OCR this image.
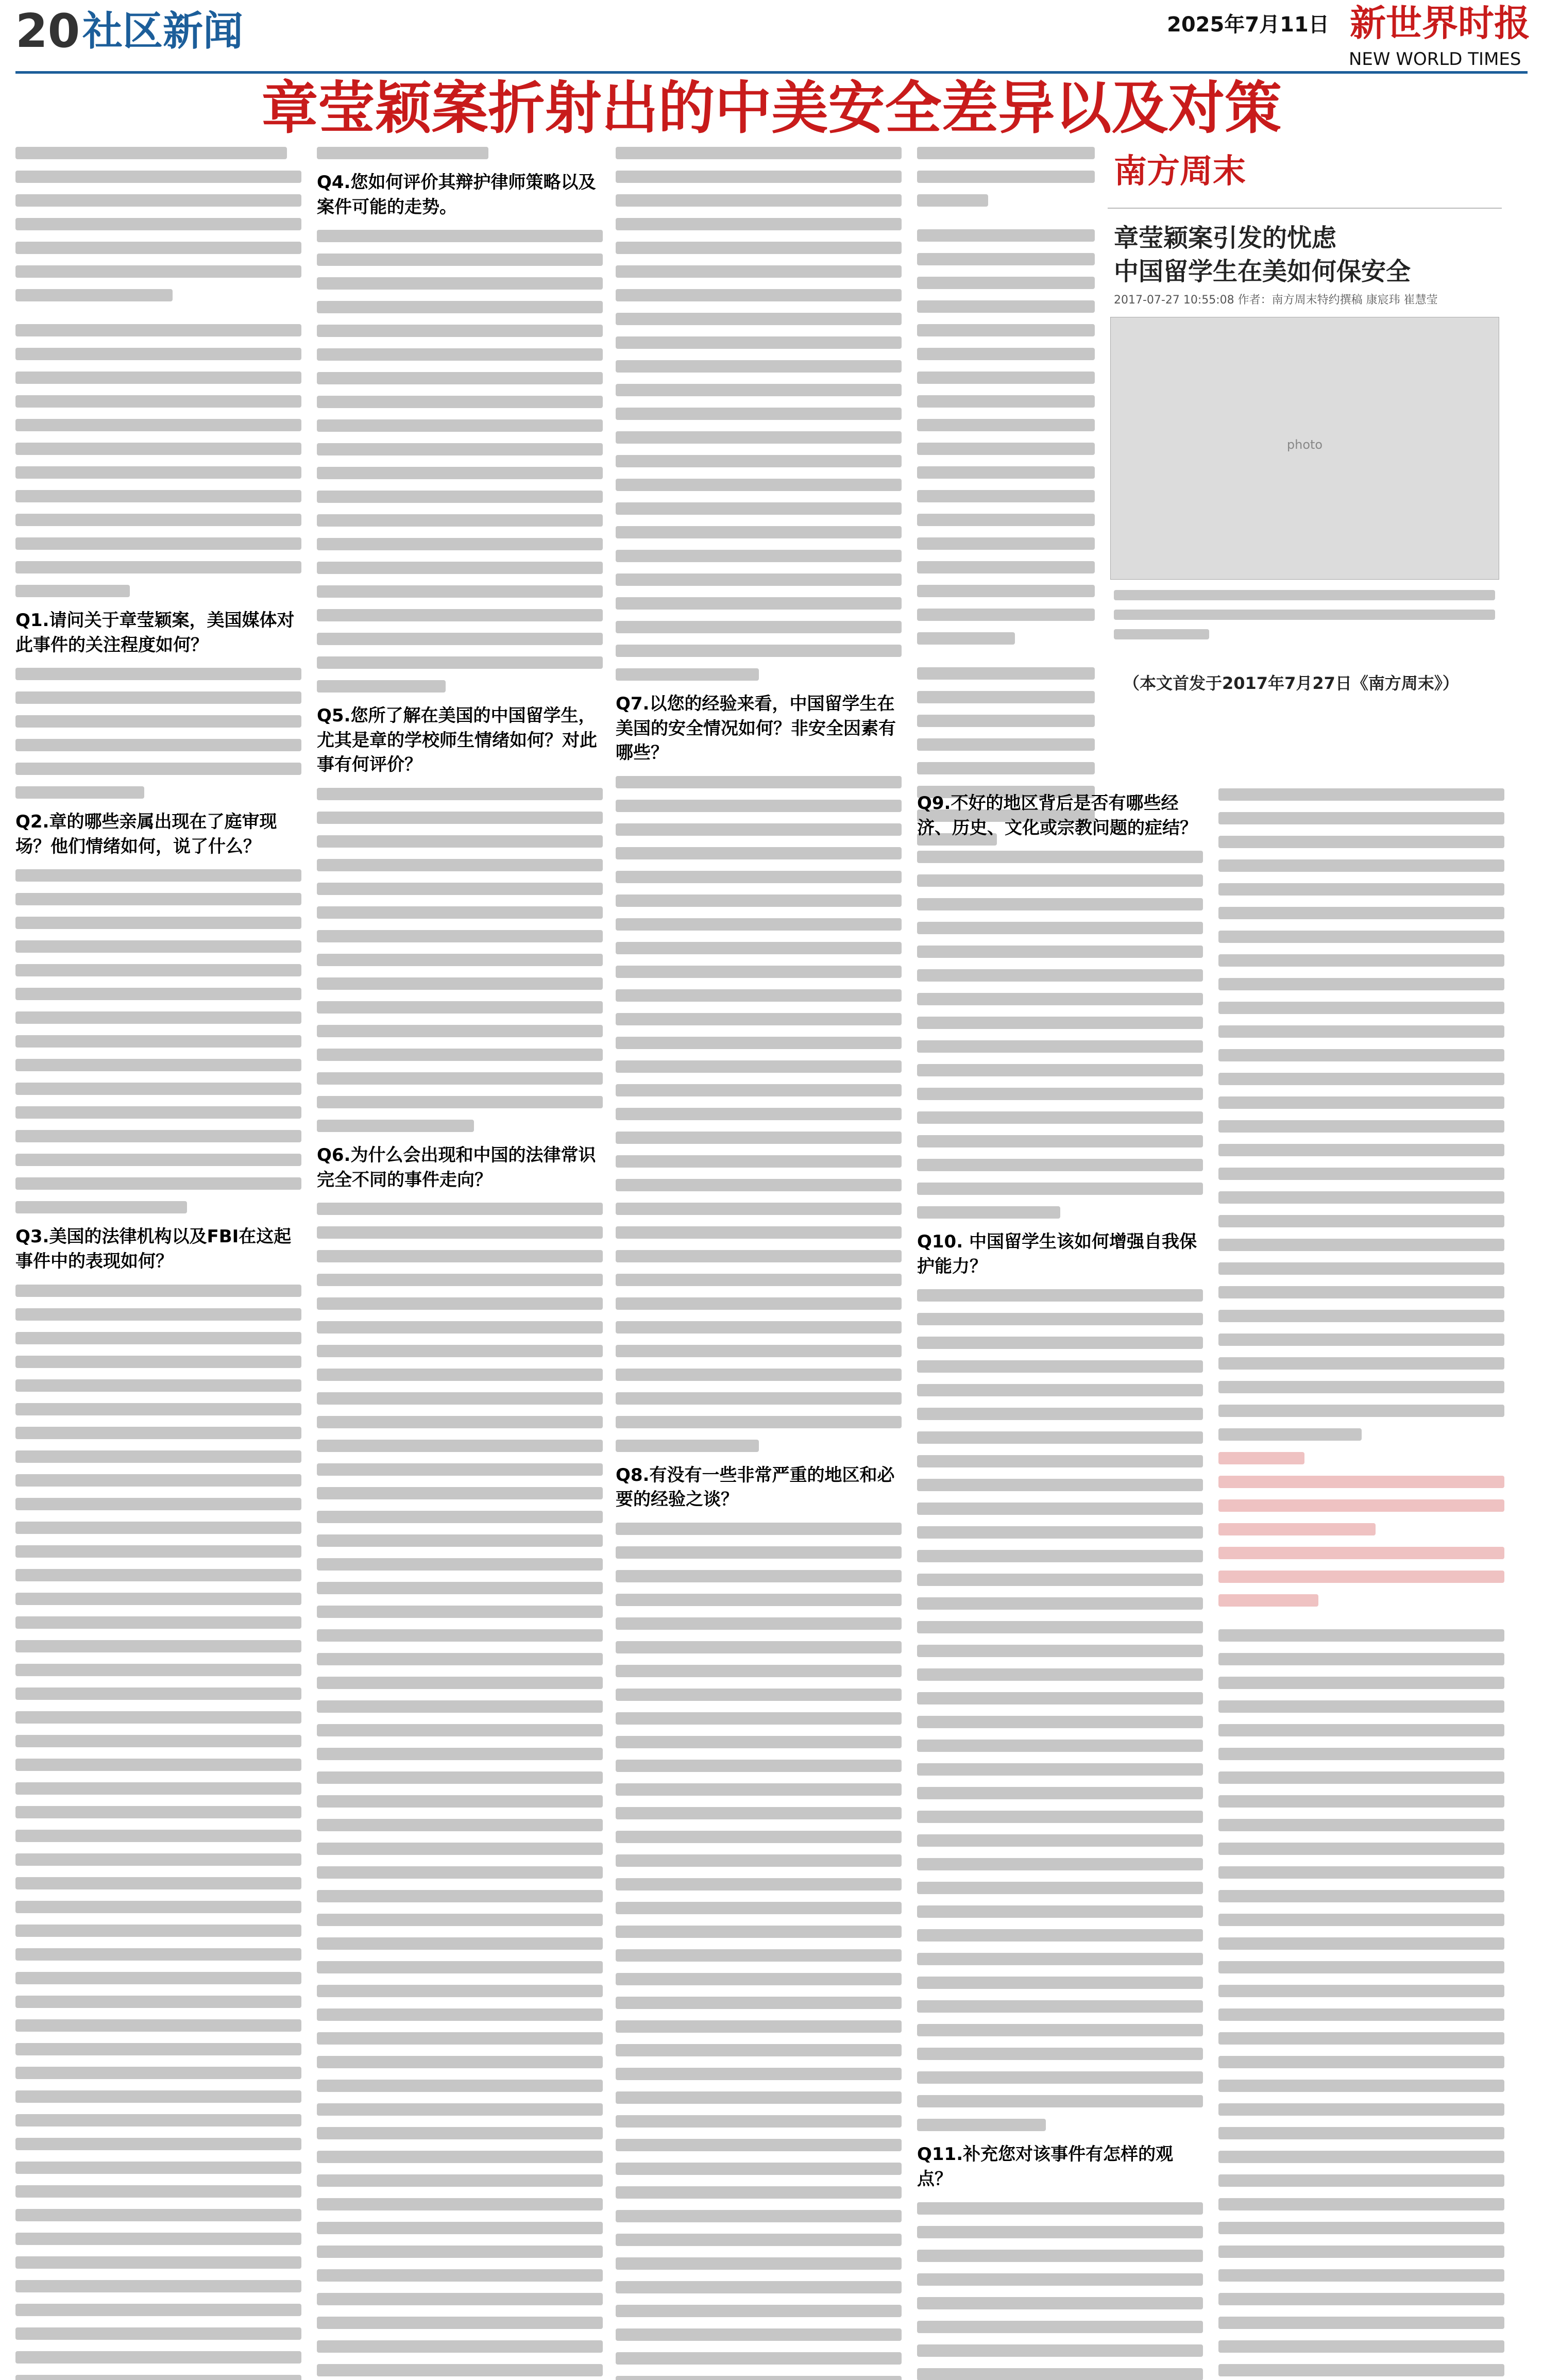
20 社区新闻	2025年7月11日 新世界时报
NEW WORLD TIMES
章莹颖案折射出的中美安全差异以及对策
Q1.请问关于章莹颖案，美国媒体对此事件的关注程度如何？
Q2.章的哪些亲属出现在了庭审现场？他们情绪如何，说了什么？
Q3.美国的法律机构以及FBI在这起事件中的表现如何？
Q4.您如何评价其辩护律师策略以及案件可能的走势。
Q5.您所了解在美国的中国留学生，尤其是章的学校师生情绪如何？对此事有何评价？
Q6.为什么会出现和中国的法律常识完全不同的事件走向？
Q7.以您的经验来看，中国留学生在美国的安全情况如何？非安全因素有哪些？
Q8.有没有一些非常严重的地区和必要的经验之谈？
Q9.不好的地区背后是否有哪些经济、历史、文化或宗教问题的症结？
Q10. 中国留学生该如何增强自我保护能力？
Q11.补充您对该事件有怎样的观点？
南方周末
章莹颖案引发的忧虑
中国留学生在美如何保安全
2017-07-27 10:55:08 作者：南方周末特约撰稿 康宸玮 崔慧莹
photo
（本文首发于2017年7月27日《南方周末》）
